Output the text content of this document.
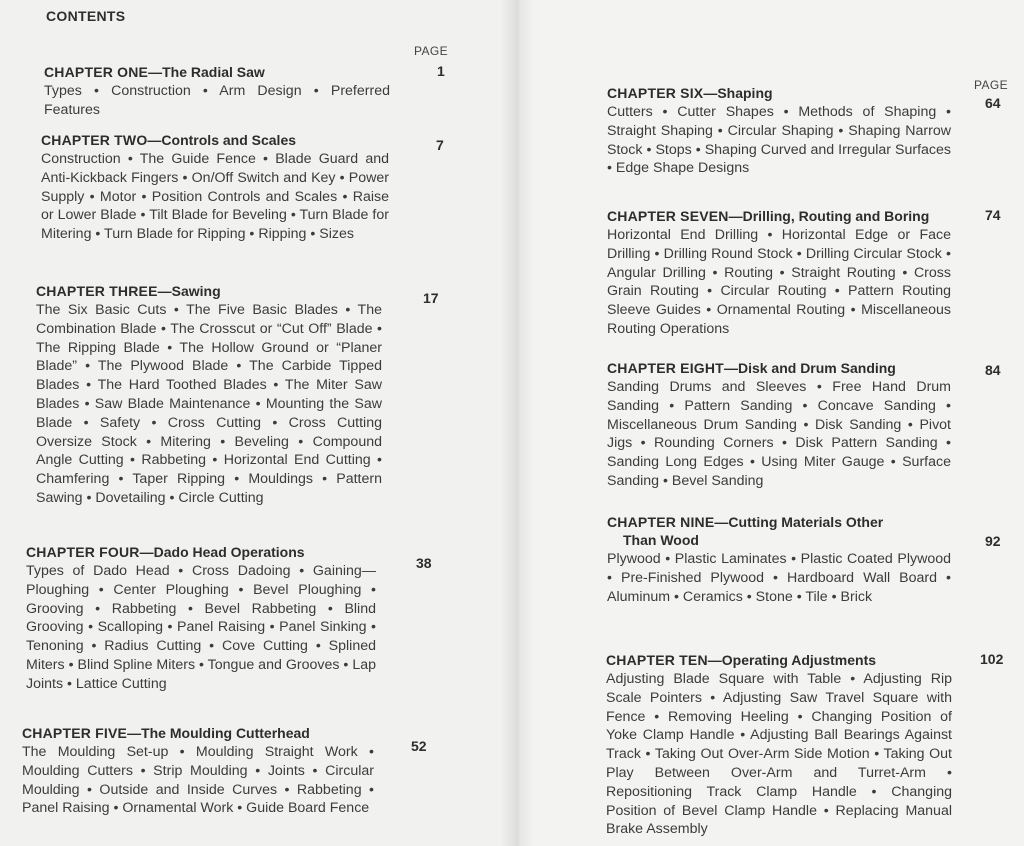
CONTENTS
PAGE
CHAPTER ONE—The Radial Saw
Types • Construction • Arm Design • Preferred Features
1
CHAPTER TWO—Controls and Scales
Construction • The Guide Fence • Blade Guard and Anti-Kickback Fingers • On/Off Switch and Key • Power Supply • Motor • Position Controls and Scales • Raise or Lower Blade • Tilt Blade for Beveling • Turn Blade for Mitering • Turn Blade for Ripping • Ripping • Sizes
7
CHAPTER THREE—Sawing
The Six Basic Cuts • The Five Basic Blades • The Combination Blade • The Crosscut or “Cut Off” Blade • The Ripping Blade • The Hollow Ground or “Planer Blade” • The Plywood Blade • The Carbide Tipped Blades • The Hard Toothed Blades • The Miter Saw Blades • Saw Blade Maintenance • Mounting the Saw Blade • Safety • Cross Cutting • Cross Cutting Oversize Stock • Mitering • Beveling • Compound Angle Cutting • Rabbeting • Horizontal End Cutting • Chamfering • Taper Ripping • Mouldings • Pattern Sawing • Dovetailing • Circle Cutting
17
CHAPTER FOUR—Dado Head Operations
Types of Dado Head • Cross Dadoing • Gaining—Ploughing • Center Ploughing • Bevel Ploughing • Grooving • Rabbeting • Bevel Rabbeting • Blind Grooving • Scalloping • Panel Raising • Panel Sinking • Tenoning • Radius Cutting • Cove Cutting • Splined Miters • Blind Spline Miters • Tongue and Grooves • Lap Joints • Lattice Cutting
38
CHAPTER FIVE—The Moulding Cutterhead
The Moulding Set-up • Moulding Straight Work • Moulding Cutters • Strip Moulding • Joints • Circular Moulding • Outside and Inside Curves • Rabbeting • Panel Raising • Ornamental Work • Guide Board Fence
52
PAGE
CHAPTER SIX—Shaping
Cutters • Cutter Shapes • Methods of Shaping • Straight Shaping • Circular Shaping • Shaping Narrow Stock • Stops • Shaping Curved and Irregular Surfaces • Edge Shape Designs
64
CHAPTER SEVEN—Drilling, Routing and Boring
Horizontal End Drilling • Horizontal Edge or Face Drilling • Drilling Round Stock • Drilling Circular Stock • Angular Drilling • Routing • Straight Routing • Cross Grain Routing • Circular Routing • Pattern Routing Sleeve Guides • Ornamental Routing • Miscellaneous Routing Operations
74
CHAPTER EIGHT—Disk and Drum Sanding
Sanding Drums and Sleeves • Free Hand Drum Sanding • Pattern Sanding • Concave Sanding • Miscellaneous Drum Sanding • Disk Sanding • Pivot Jigs • Rounding Corners • Disk Pattern Sanding • Sanding Long Edges • Using Miter Gauge • Surface Sanding • Bevel Sanding
84
CHAPTER NINE—Cutting Materials Other
Than Wood
Plywood • Plastic Laminates • Plastic Coated Plywood • Pre-Finished Plywood • Hardboard Wall Board • Aluminum • Ceramics • Stone • Tile • Brick
92
CHAPTER TEN—Operating Adjustments
Adjusting Blade Square with Table • Adjusting Rip Scale Pointers • Adjusting Saw Travel Square with Fence • Removing Heeling • Changing Position of Yoke Clamp Handle • Adjusting Ball Bearings Against Track • Taking Out Over-Arm Side Motion • Taking Out Play Between Over-Arm and Turret-Arm • Repositioning Track Clamp Handle • Changing Position of Bevel Clamp Handle • Replacing Manual Brake Assembly
102
